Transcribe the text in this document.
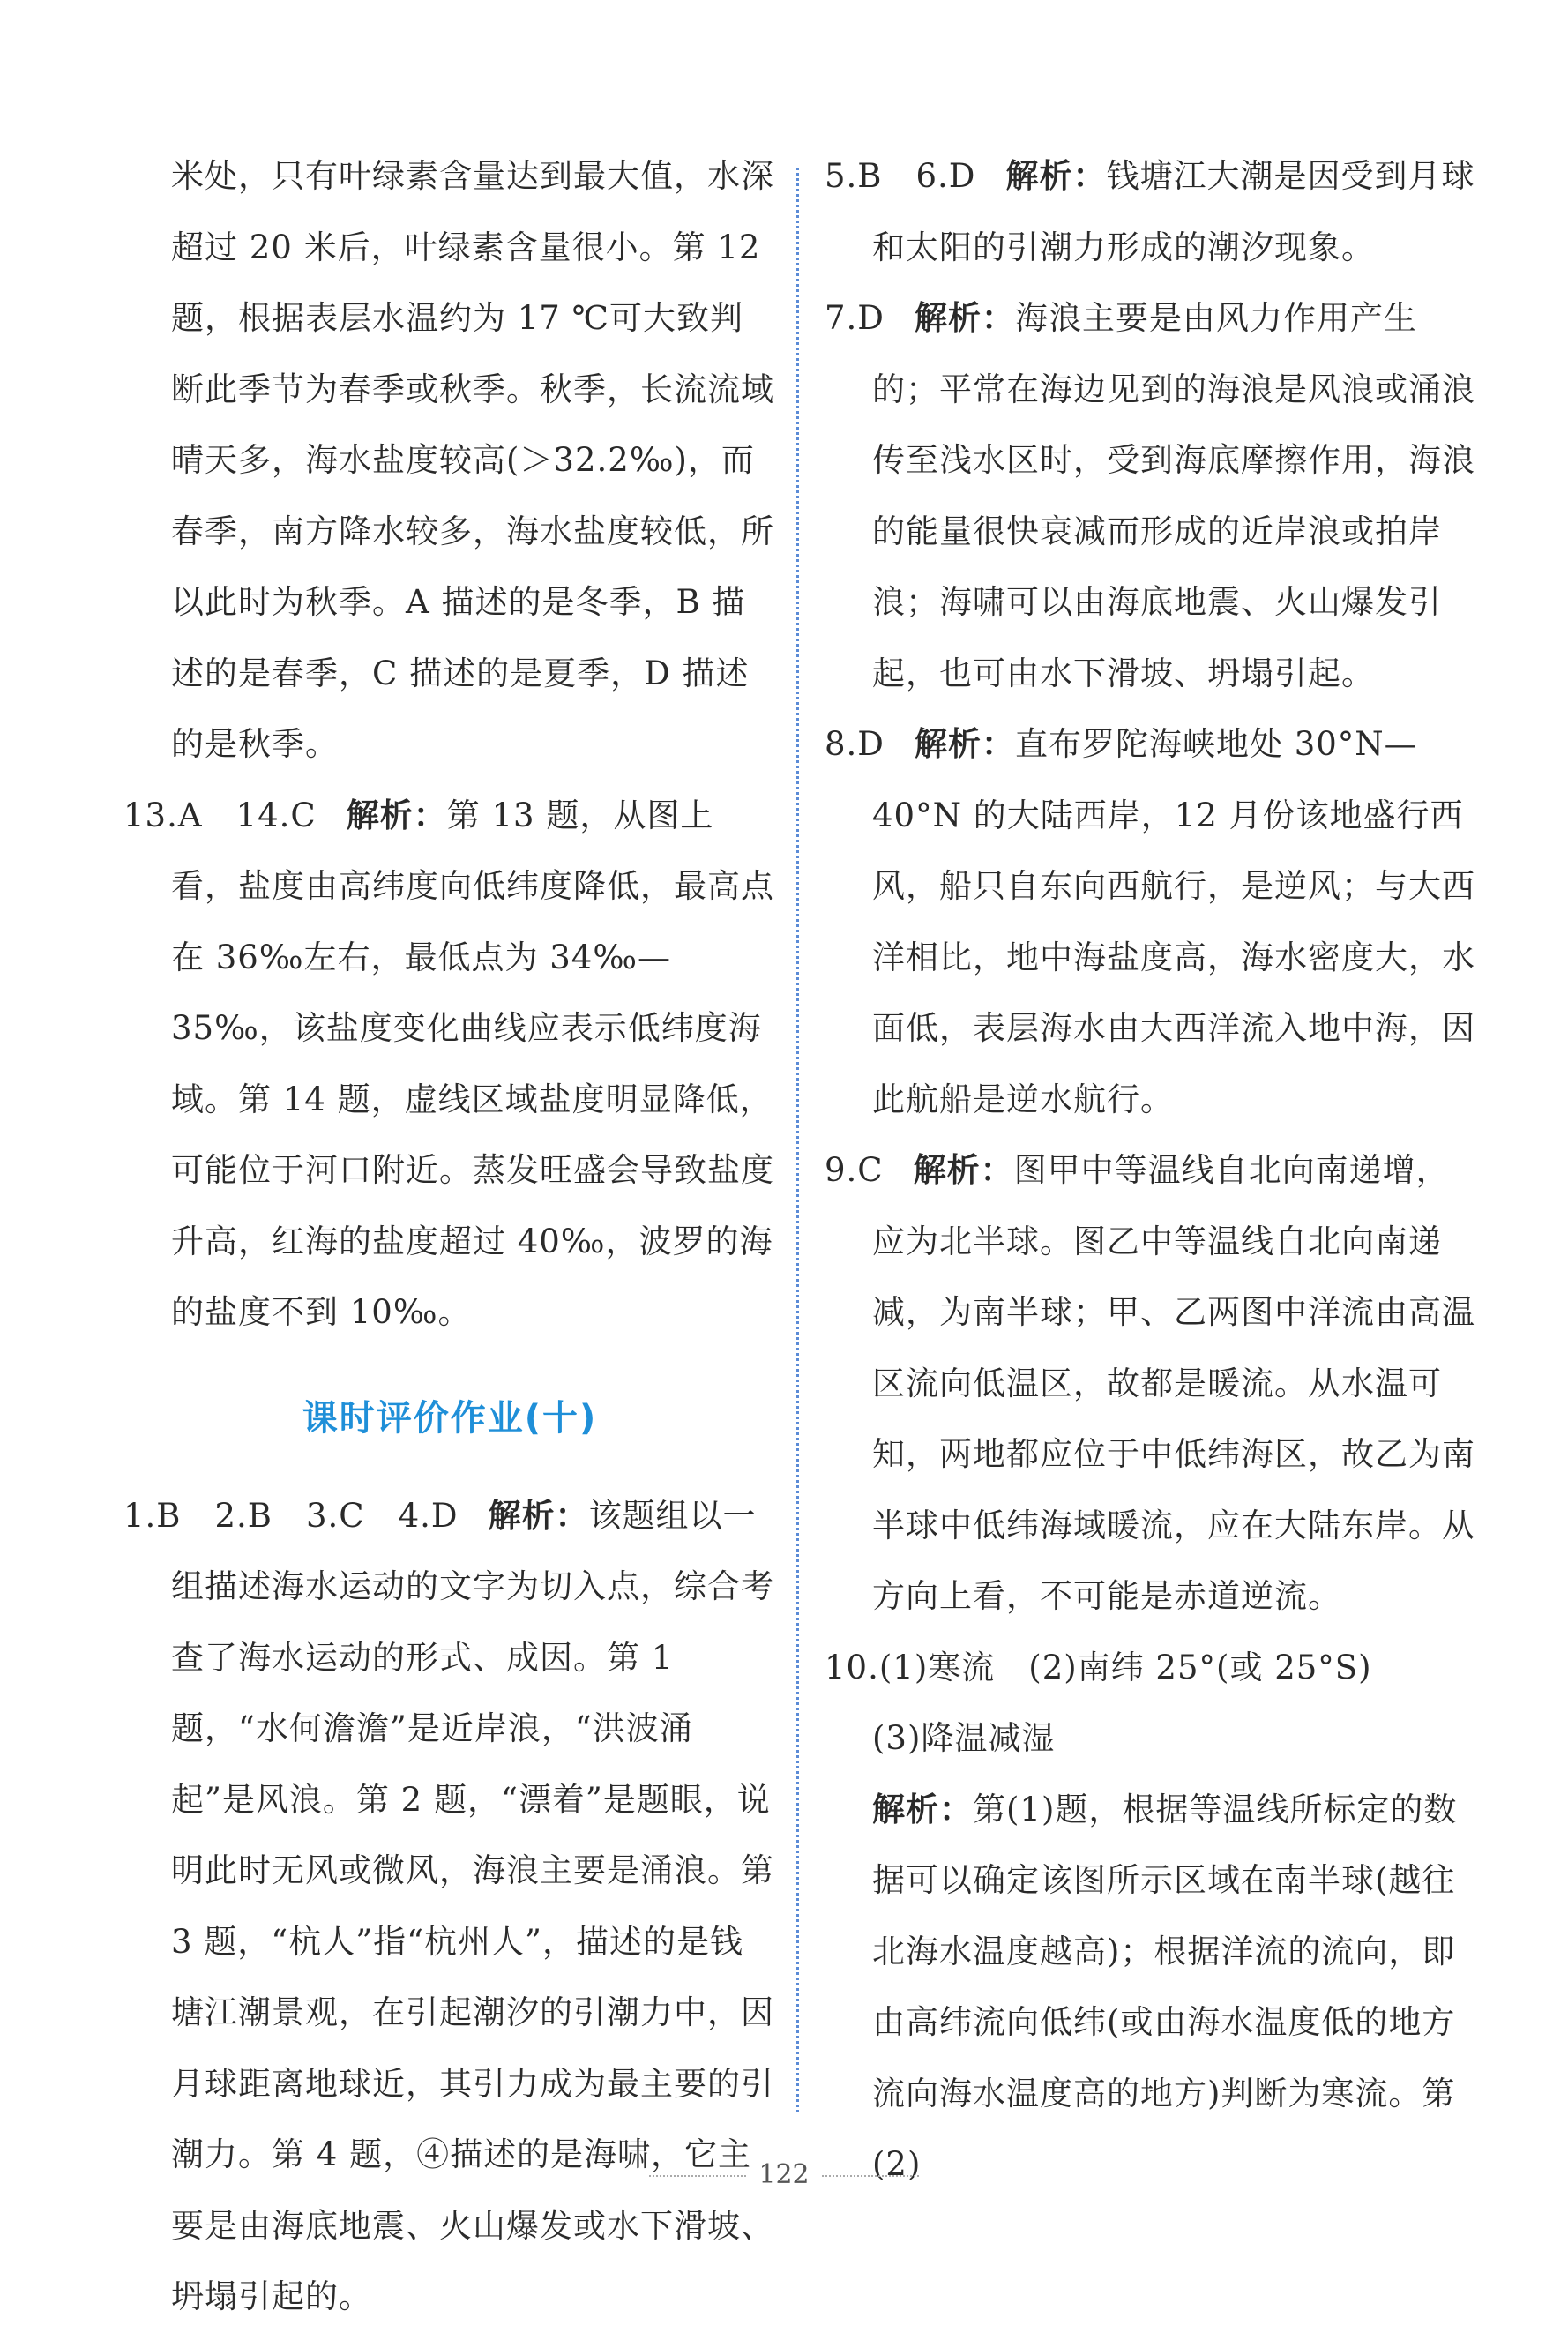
米处，只有叶绿素含量达到最大值，水深超过 20 米后，叶绿素含量很小。第 12 题，根据表层水温约为 17 ℃可大致判断此季节为春季或秋季。秋季，长流流域晴天多，海水盐度较高(＞32.2‰)，而春季，南方降水较多，海水盐度较低，所以此时为秋季。A 描述的是冬季，B 描述的是春季，C 描述的是夏季，D 描述的是秋季。

13.A　14.C 解析：第 13 题，从图上看，盐度由高纬度向低纬度降低，最高点在 36‰左右，最低点为 34‰—35‰，该盐度变化曲线应表示低纬度海域。第 14 题，虚线区域盐度明显降低，可能位于河口附近。蒸发旺盛会导致盐度升高，红海的盐度超过 40‰，波罗的海的盐度不到 10‰。

课时评价作业(十)

1.B　2.B　3.C　4.D 解析：该题组以一组描述海水运动的文字为切入点，综合考查了海水运动的形式、成因。第 1 题，“水何澹澹”是近岸浪，“洪波涌起”是风浪。第 2 题，“漂着”是题眼，说明此时无风或微风，海浪主要是涌浪。第 3 题，“杭人”指“杭州人”，描述的是钱塘江潮景观，在引起潮汐的引潮力中，因月球距离地球近，其引力成为最主要的引潮力。第 4 题，④描述的是海啸，它主要是由海底地震、火山爆发或水下滑坡、坍塌引起的。

5.B　6.D 解析：钱塘江大潮是因受到月球和太阳的引潮力形成的潮汐现象。

7.D 解析：海浪主要是由风力作用产生的；平常在海边见到的海浪是风浪或涌浪传至浅水区时，受到海底摩擦作用，海浪的能量很快衰减而形成的近岸浪或拍岸浪；海啸可以由海底地震、火山爆发引起，也可由水下滑坡、坍塌引起。

8.D 解析：直布罗陀海峡地处 30°N—40°N 的大陆西岸，12 月份该地盛行西风，船只自东向西航行，是逆风；与大西洋相比，地中海盐度高，海水密度大，水面低，表层海水由大西洋流入地中海，因此航船是逆水航行。

9.C 解析：图甲中等温线自北向南递增，应为北半球。图乙中等温线自北向南递减，为南半球；甲、乙两图中洋流由高温区流向低温区，故都是暖流。从水温可知，两地都应位于中低纬海区，故乙为南半球中低纬海域暖流，应在大陆东岸。从方向上看，不可能是赤道逆流。

10.(1)寒流　(2)南纬 25°(或 25°S)

(3)降温减湿

解析：第(1)题，根据等温线所标定的数据可以确定该图所示区域在南半球(越往北海水温度越高)；根据洋流的流向，即由高纬流向低纬(或由海水温度低的地方流向海水温度高的地方)判断为寒流。第(2)

122
